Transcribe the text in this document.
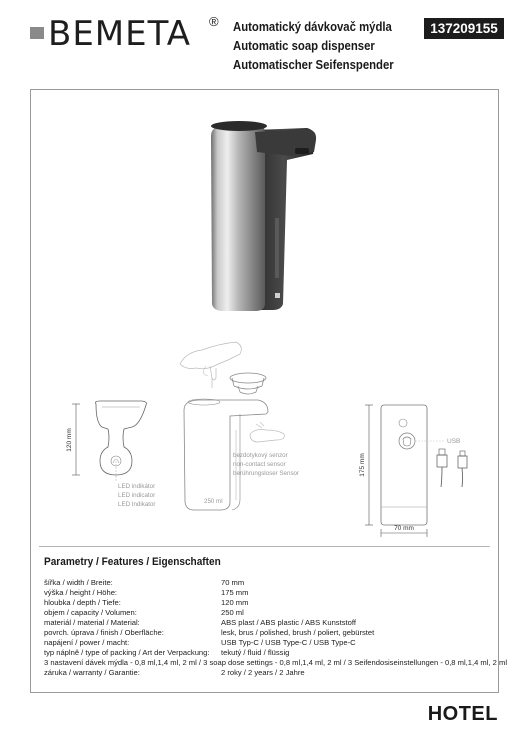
BEMETA ® Automatický dávkovač mýdla
Automatic soap dispenser
Automatischer Seifenspender
137209155
120 mm
LED indikátor
LED indicator
LED Indikator	250 ml
bezdotykový senzor
non-contact sensor
berührungsloser Sensor	175 mm
70 mm
USB
Parametry / Features / Eigenschaften
šířka / width / Breite:	70 mm
výška / height / Höhe:	175 mm
hloubka / depth / Tiefe:	120 mm
objem / capacity / Volumen:	250 ml
materiál / material / Material:	ABS plast / ABS plastic / ABS Kunststoff
povrch. úprava / finish / Oberfläche:	lesk, brus / polished, brush / poliert, gebürstet
napájení / power / macht:	USB Typ-C / USB Type-C / USB Type-C
typ náplně / type of packing / Art der Verpackung: tekutý / fluid / flüssig
3 nastavení dávek mýdla - 0,8 ml,1,4 ml, 2 ml / 3 soap dose settings - 0,8 ml,1,4 ml, 2 ml / 3 Seifendosiseinstellungen - 0,8 ml,1,4 ml, 2 ml
záruka / warranty / Garantie:	2 roky / 2 years / 2 Jahre
HOTEL
